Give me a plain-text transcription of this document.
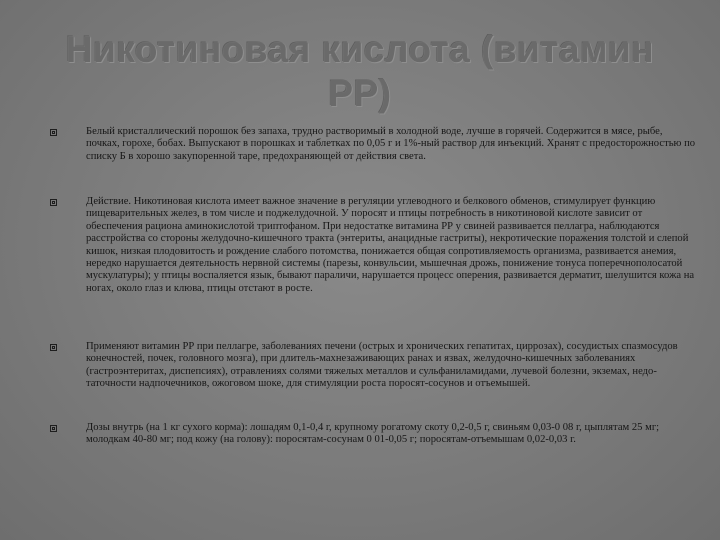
Никотиновая кислота (витамин РР)
Белый кристаллический порошок без запаха, трудно растворимый в холодной воде, лучше в горячей. Содержится в мясе, рыбе, почках, горохе, бобах. Выпускают в порошках и таблетках по 0,05 г и 1%-ный раствор для инъекций. Хранят с предосторожностью по списку Б в хорошо закупоренной таре, предохраняющей от действия света.
Действие. Никотиновая кислота имеет важное значение в регуляции углеводного и белкового обменов, стимулирует функцию пищеварительных желез, в том числе и поджелудочной. У поросят и птицы потребность в никотиновой кислоте зависит от обеспечения рациона аминокислотой триптофаном. При недостатке витамина РР у свиней развивается пеллагра, наблюдаются расстройства со стороны желудочно-кишечного тракта (энтериты, анацидные гастриты), некротические поражения толстой и слепой кишок, низкая плодовитость и рождение слабого потомства, понижается общая сопротивляемость организма, развивается анемия, нередко нарушается деятельность нервной системы (парезы, конвульсии, мышечная дрожь, понижение тонуса поперечнополосатой мускулатуры); у птицы воспаляется язык, бывают параличи, нарушается процесс оперения, развивается дерматит, шелушится кожа на ногах, около глаз и клюва, птицы отстают в росте.
Применяют витамин РР при пеллагре, заболеваниях печени (острых и хронических гепатитах, циррозах), сосудистых спазмосудов конечностей, почек, головного мозга), при длитель-махнезаживающих ранах и язвах, желудочно-кишечных заболеваниях (гастроэнтеритах, диспепсиях), отравлениях солями тяжелых металлов и сульфаниламидами, лучевой болезни, экземах, недо-таточности надпочечников, ожоговом шоке, для стимуляции роста поросят-сосунов и отъемышей.
Дозы внутрь (на 1 кг сухого корма): лошадям 0,1-0,4 г, крупному рогатому скоту 0,2-0,5 г, свиньям 0,03-0 08 г, цыплятам 25 мг; молодкам 40-80 мг; под кожу (на голову): поросятам-сосунам 0 01-0,05 г; поросятам-отъемышам 0,02-0,03 г.
